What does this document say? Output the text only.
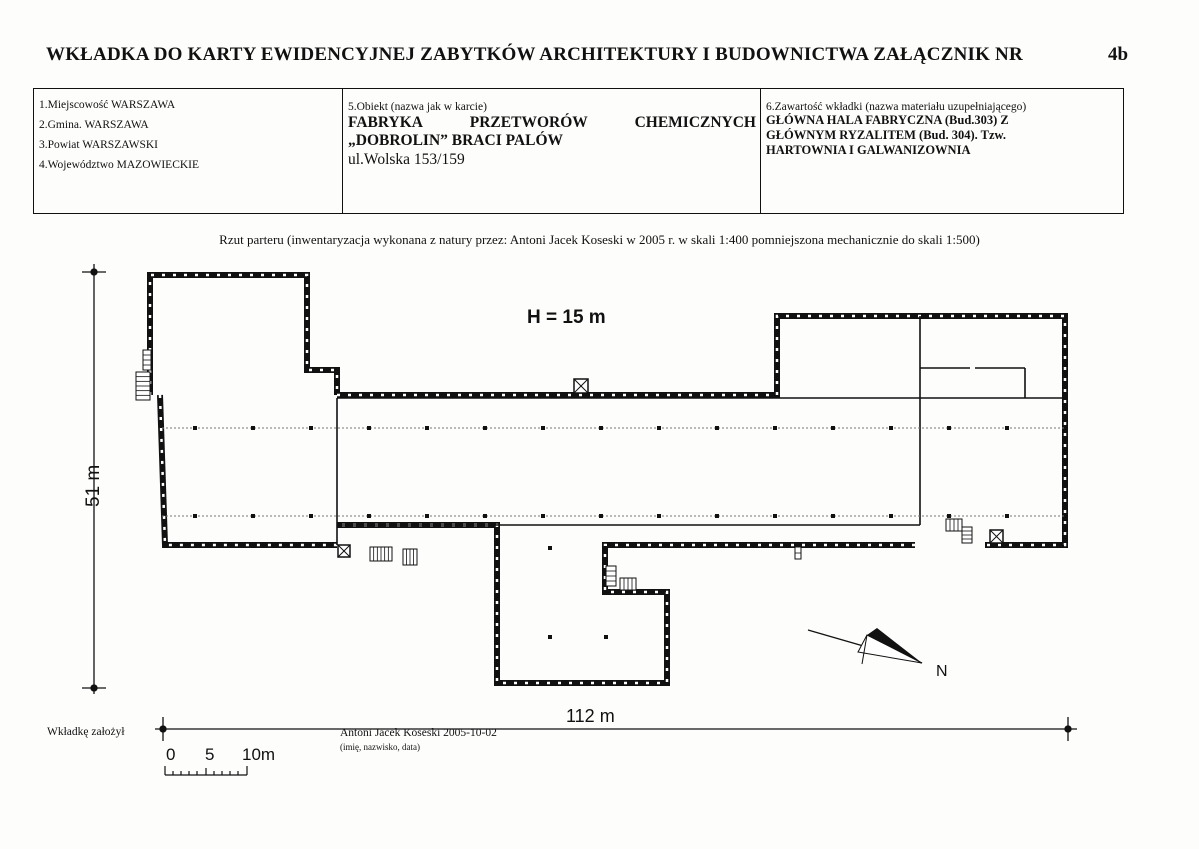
WKŁADKA DO KARTY EWIDENCYJNEJ ZABYTKÓW ARCHITEKTURY I BUDOWNICTWA ZAŁĄCZNIK NR	4b
1.Miejscowość WARSZAWA
2.Gmina. WARSZAWA
3.Powiat WARSZAWSKI
4.Województwo MAZOWIECKIE
5.Obiekt (nazwa jak w karcie)
FABRYKA	PRZETWORÓW	CHEMICZNYCH
„DOBROLIN” BRACI PALÓW
ul.Wolska 153/159
6.Zawartość wkładki (nazwa materiału uzupełniającego)
GŁÓWNA HALA FABRYCZNA (Bud.303) Z
GŁÓWNYM RYZALITEM (Bud. 304). Tzw.
HARTOWNIA I GALWANIZOWNIA
Rzut parteru (inwentaryzacja wykonana z natury przez: Antoni Jacek Koseski w 2005 r. w skali 1:400 pomniejszona mechanicznie do skali 1:500)
51 m
112 m
H = 15 m
N
0 5 10m
Wkładkę założył	Antoni Jacek Koseski 2005-10-02
(imię, nazwisko, data)
